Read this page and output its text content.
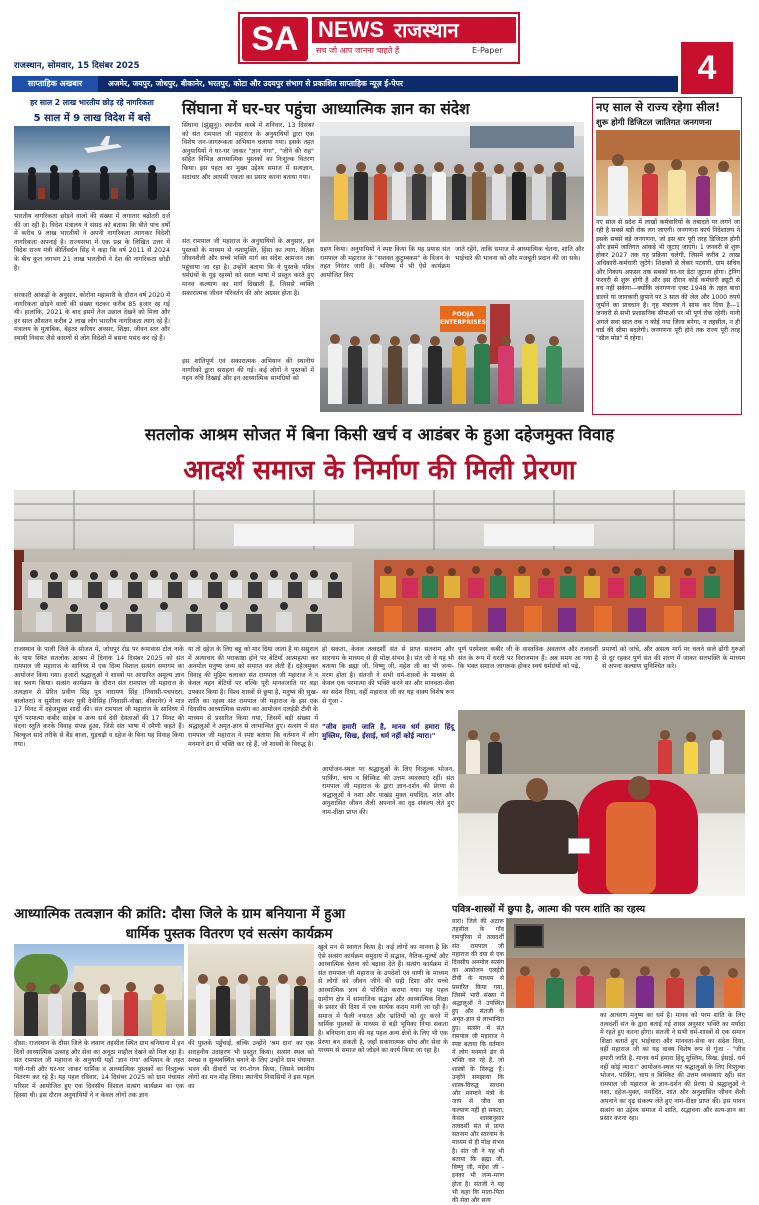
SA NEWS राजस्थान
सच जो आप जानना चाहते हैं	E-Paper
राजस्थान, सोमवार, 15 दिसंबर 2025	4
साप्ताहिक अखबार	अजमेर, जयपुर, जोधपुर, बीकानेर, भरतपुर, कोटा और उदयपुर संभाग से प्रकाशित साप्ताहिक न्यूज़ ई-पेपर
हर साल 2 लाख भारतीय छोड़ रहे नागरिकता
5 साल में 9 लाख विदेश में बसे
भारतीय नागरिकता छोड़ने वालों की संख्या में लगातार बढ़ोतरी दर्ज की जा रही है। विदेश मंत्रालय ने संसद को बताया कि बीते पांच वर्षों में करीब 9 लाख भारतीयों ने अपनी नागरिकता त्यागकर विदेशी नागरिकता अपनाई है। राज्यसभा में एक प्रश्न के लिखित उत्तर में विदेश राज्य मंत्री कीर्तिवर्धन सिंह ने कहा कि वर्ष 2011 से 2024 के बीच कुल लगभग 21 लाख भारतीयों ने देश की नागरिकता छोड़ी है।
सरकारी आंकड़ों के अनुसार, कोरोना महामारी के दौरान वर्ष 2020 में नागरिकता छोड़ने वालों की संख्या घटकर करीब 85 हजार रह गई थी। हालांकि, 2021 के बाद इसमें तेज उछाल देखने को मिला और हर साल औसतन करीब 2 लाख लोग भारतीय नागरिकता त्याग रहे हैं। मंत्रालय के मुताबिक, बेहतर करियर अवसर, शिक्षा, जीवन स्तर और स्थायी निवास जैसे कारणों से लोग विदेशों में बसना पसंद कर रहे हैं।
सिंघाना में घर-घर पहुंचा आध्यात्मिक ज्ञान का संदेश
सिंघाना (झुंझुनू)। स्थानीय कस्बे में शनिवार, 13 दिसंबर को संत रामपाल जी महाराज के अनुयायियों द्वारा एक विशेष जन-जागरूकता अभियान चलाया गया। इसके तहत अनुयायियों ने घर-घर जाकर "ज्ञान गंगा", "जीने की राह" सहित विभिन्न आध्यात्मिक पुस्तकों का निःशुल्क वितरण किया। इस पहल का मुख्य उद्देश्य समाज में सत्यज्ञान, सदाचार और आपसी एकता का प्रसार करना बताया गया।
संत रामपाल जी महाराज के अनुयायियों के अनुसार, इन पुस्तकों के माध्यम से नशामुक्ति, हिंसा का त्याग, नैतिक जीवनशैली और सच्चे भक्ति मार्ग का संदेश आमजन तक पहुंचाया जा रहा है। उन्होंने बताया कि ये पुस्तकें पवित्र धर्मग्रंथों के गूढ़ रहस्यों को सरल भाषा में प्रस्तुत करते हुए मानव कल्याण का मार्ग दिखाती हैं, जिससे व्यक्ति सकारात्मक जीवन परिवर्तन की ओर अग्रसर होता है।
इस शांतिपूर्ण एवं सकारात्मक अभियान की स्थानीय नागरिकों द्वारा सराहना की गई। कई लोगों ने पुस्तकों में गहन रुचि दिखाई और इन आध्यात्मिक सामग्रियों को
ग्रहण किया। अनुयायियों ने स्पष्ट किया कि यह प्रयास संत रामपाल जी महाराज के "सशक्त कुटुम्बकम" के विजन के तहत निरंतर जारी है। भविष्य में भी ऐसे कार्यक्रम आयोजित किए
जाते रहेंगे, ताकि समाज में आध्यात्मिक चेतना, शांति और भाईचारे की भावना को और मजबूती प्रदान की जा सके।
POOJA ENTERPRISES
नए साल से राज्य रहेगा सील!
शुरू होगी डिजिटल जातिगत जनगणना
नए साल से प्रदेश में लाखों कर्मचारियों के तबादले पर लगने जा रही है सबसे बड़ी रोक लग जाएगी। जनगणना कार्य निदेशालय ने इसके सबसे बड़े जनगणना, जो इस बार पूरी तरह डिजिटल होगी और इसमें जातिगत आंकड़े भी जुटाए जाएंगे। 1 जनवरी से शुरू होकर 2027 तक यह प्रक्रिया चलेगी, जिसमें करीब 2 लाख अधिकारी-कर्मचारी जुटेंगे। शिक्षकों से लेकर पटवारी, ग्राम सचिव और निकाय अफसर तक सबको घर-घर डेटा जुटाना होगा। ट्रेनिंग फरवरी से शुरू होगी है और इस दौरान कोई कर्मचारी ड्यूटी से बच नहीं सकेगा—क्योंकि जनगणना एक्ट 1948 के तहत बाधा डालने या जानकारी छुपाने पर 3 साल की जेल और 1000 रुपये जुर्माने का प्रावधान है। गृह मंत्रालय ने साफ कर दिया है—1 जनवरी से सभी प्रशासनिक सीमाओं पर भी पूर्ण रोक रहेगी। यानी अगले सवा साल तक न कोई नया जिला बनेगा, न तहसील, न ही वार्ड की सीमा बदलेगी। जनगणना पूरी होने तक राज्य पूरी तरह "सील मोड" में रहेगा।
सतलोक आश्रम सोजत में बिना किसी खर्च व आडंबर के हुआ दहेजमुक्त विवाह
आदर्श समाज के निर्माण की मिली प्रेरणा
राजस्थान के पाली जिले के सोजत में, जोधपुर रोड पर रूपावास टोल नाके के पास स्थित सतलोक आश्रम में दिनांक 14 दिसंबर 2025 को संत रामपाल जी महाराज के सानिध्य में एक दिव्य विशाल सत्संग समागम का आयोजन किया गया। हजारों श्रद्धालुओं ने शास्त्रों पर आधारित अमूल्य ज्ञान का श्रवण किया। सत्संग कार्यक्रम के दौरान संत रामपाल जी महाराज के तत्वज्ञान से प्रेरित प्रवीण सिंह पुत्र नारायण सिंह (निवासी-पचपदरा, बालोतरा) व सुशीला कंवर पुत्री देवीसिंह (निवासी-नोखा, बीकानेर) ने मात्र 17 मिनट में दहेजमुक्त शादी की। संत रामपाल जी महाराज के सानिध्य में पूर्ण परमात्मा कबीर साहेब व अन्य सर्व देवी देवताओं की 17 मिनट की वंदना स्तुति करके विवाह संपन्न हुआ, जिसे संत भाषा में रमैणी कहते हैं। बिल्कुल सादे तरीके से बैंड बाजा, घुड़चढ़ी व दहेज के बिना यह विवाह किया गया।
या तो दहेज के लिए बहू को मार दिया जाता है या ससुराल में अत्याचार की पराकाष्ठा होने पर बेटियाँ आत्महत्या कर अनमोल मनुष्य जन्म को समाप्त कर लेती हैं। दहेजमुक्त विवाह की मुहिम चलाकर संत रामपाल जी महाराज ने न केवल बहन बेटियों पर बल्कि पूरी मानवजाति पर बड़ा उपकार किया है। विश्व शास्त्रों से छुपा है, मनुष्य की सुख-शांति का रहस्य संत रामपाल जी महाराज के इस एक दिवसीय आध्यात्मिक सत्संग का आयोजन एलईडी टीवी के माध्यम से प्रसारित किया गया, जिसमें बड़ी संख्या में श्रद्धालुओं ने अमृत-ज्ञान से लाभान्वित हुए। सत्संग में संत रामपाल जी महाराज ने स्पष्ट बताया कि वर्तमान में लोग मनमाने ढंग से भक्ति कर रहे हैं, जो शास्त्रों के विरुद्ध है।
हो सकता, केवल तत्वदर्शी संत से प्राप्त सतनाम और सारनाम के माध्यम से ही मोक्ष संभव है। संत जी ने यह भी बताया कि ब्रह्मा जी, विष्णु जी, महेश जी का भी जन्म-मरण होता है। संतजी ने सभी धर्म-शास्त्रों के माध्यम से केवल एक परमात्मा की भक्ति करने का और मानवता-सेवा का संदेश दिया, वहीं महाराज जी का यह वाक्य विशेष रूप से गूंजा -
"जीव हमारी जाति है, मानव धर्म हमारा हिंदू मुस्लिम, सिख, ईसाई, धर्म नहीं कोई न्यारा।"
आयोजन-स्थल पर श्रद्धालुओं के लिए निःशुल्क भोजन, पार्किंग, चाय व बिस्किट की उत्तम व्यवस्थाएं रहीं। संत रामपाल जी महाराज के द्वारा ज्ञान-दर्शन की प्रेरणा से श्रद्धालुओं ने नशा और पाखंड मुक्त मर्यादित, शांत और अनुशासित जीवन शैली अपनाने का दृढ़ संकल्प लेते हुए नाम-दीक्षा प्राप्त की।
पूर्ण परमेश्वर कबीर जी के वास्तविक अवतरण और तत्वदर्शी संत के रूप में धरती पर विराजमान हैं। अब समय आ गया है कि भक्त समाज जागरूक होकर स्वयं धर्मग्रंथों को पढ़े,
प्रमाणों को जांचे, और असत्य मार्ग पर चलने वाले ढोंगी गुरुओं से दूर रहकर पूर्ण संत की शरण में जाकर सतभक्ति के माध्यम से अपना कल्याण सुनिश्चित करे।
आध्यात्मिक तत्वज्ञान की क्रांति: दौसा जिले के ग्राम बनियाना में हुआ
धार्मिक पुस्तक वितरण एवं सत्संग कार्यक्रम
दौसा: राजस्थान के दौसा जिले के लवाण तहसील स्थित ग्राम बनियाना में इन दिनों आध्यात्मिक उत्साह और सेवा का अनूठा माहौल देखने को मिल रहा है। संत रामपाल जी महाराज के अनुयायी यहाँ 'ज्ञान गंगा' अभियान के तहत गली-गली और घर-घर जाकर धार्मिक व आध्यात्मिक पुस्तकों का निःशुल्क वितरण कर रहे हैं। यह पहल रविवार, 14 दिसंबर 2025 को ग्राम पंचायत परिसर में आयोजित हुए एक दिवसीय विशाल सत्संग कार्यक्रम का एक हिस्सा थी। इस दौरान अनुयायियों ने न केवल लोगों तक ज्ञान
की पुस्तकें पहुँचाईं, बल्कि उन्होंने 'श्रम दान' का एक सराहनीय उदाहरण भी प्रस्तुत किया। सत्संग स्थल को स्वच्छ व सुव्यवस्थित बनाने के लिए उन्होंने ग्राम पंचायत भवन की दीवारों पर रंग-रोगन किया, जिसने स्थानीय लोगों का मन मोह लिया। स्थानीय निवासियों ने इस पहल का
खुले मन से स्वागत किया है। कई लोगों का मानना है कि ऐसे सत्संग कार्यक्रम समुदाय में सद्भाव, नैतिक-मूल्यों और आध्यात्मिक चेतना को बढ़ावा देते हैं। सत्संग कार्यक्रम में संत रामपाल जी महाराज के उपदेशों एवं वाणी के माध्यम से लोगों को जीवन जीने की सही दिशा और सच्चे आध्यात्मिक ज्ञान से परिचित कराया गया। यह पहल ग्रामीण क्षेत्र में सामाजिक सद्भाव और आध्यात्मिक शिक्षा के प्रसार की दिशा में एक सार्थक कदम मानी जा रही है। समाज में फैली नफरत और भ्रांतियों को दूर करने में धार्मिक पुस्तकों के माध्यम से बड़ी भूमिका निभा सकता है। बनियाना ग्राम की यह पहल अन्य क्षेत्रों के लिए भी एक प्रेरणा बन सकती है, जहाँ सकारात्मक सोच और सेवा के माध्यम से समाज को जोड़ने का कार्य किया जा रहा है।
पवित्र-शास्त्रों में छुपा है, आत्मा की परम शांति का रहस्य
वारां। जिले की अटारू तहसील के गाँव रामपुरिया में तत्वदर्शी संत रामपाल जी महाराज की दया से एक दिवसीय अनमोल सत्संग का आयोजन एलईडी टीवी के माध्यम से प्रसारित किया गया, जिसमें भारी संख्या में श्रद्धालुओं ने उपस्थित हुए और संतजी के अमृत-ज्ञान से लाभान्वित हुए। सत्संग में संत रामपाल जी महाराज ने स्पष्ट बताया कि वर्तमान में लोग मनमाने ढंग से भक्ति कर रहे हैं, जो शास्त्रों के विरुद्ध है। उन्होंने समझाया कि शास्त्र-विरुद्ध साधना और मनमाने मंत्रों के जाप से जीव का कल्याण नहीं हो सकता; केवल शास्त्रानुसार तत्वदर्शी संत से प्राप्त सतनाम और सारनाम के माध्यम से ही मोक्ष संभव है। संत जी ने यह भी बताया कि ब्रह्मा जी, विष्णु जी, महेश जी - इनका भी जन्म-मरण होता है। संतजी ने यह भी कहा कि माता-पिता की सेवा और सत्य
का आचरण मनुष्य का धर्म है। मानव को परम शांति के लिए तत्वदर्शी संत के द्वारा बताई गई शास्त्र अनुसार भक्ति का मर्यादा में रहते हुए करना होगा। संतजी ने सभी धर्म-शास्त्रों से एक समान शिक्षा बताते हुए भाईचारा और मानवता-सेवा का संदेश दिया, वहीं महाराज जी का यह वाक्य विशेष रूप से गूंजा - "जीव हमारी जाति है, मानव धर्म हमारा हिंदू मुस्लिम, सिख, ईसाई, धर्म नहीं कोई न्यारा।" आयोजन-स्थल पर श्रद्धालुओं के लिए निःशुल्क भोजन, पार्किंग, चाय व बिस्किट की उत्तम व्यवस्थाएं रहीं। संत रामपाल जी महाराज के ज्ञान-दर्शन की प्रेरणा से श्रद्धालुओं ने नशा, दहेज-मुक्त, मर्यादित, शांत और अनुशासित जीवन शैली अपनाने का दृढ़ संकल्प लेते हुए नाम-दीक्षा प्राप्त की। इस पावन सत्संग का उद्देश्य समाज में शांति, सद्भावना और सत्य-ज्ञान का प्रसार करना रहा।
